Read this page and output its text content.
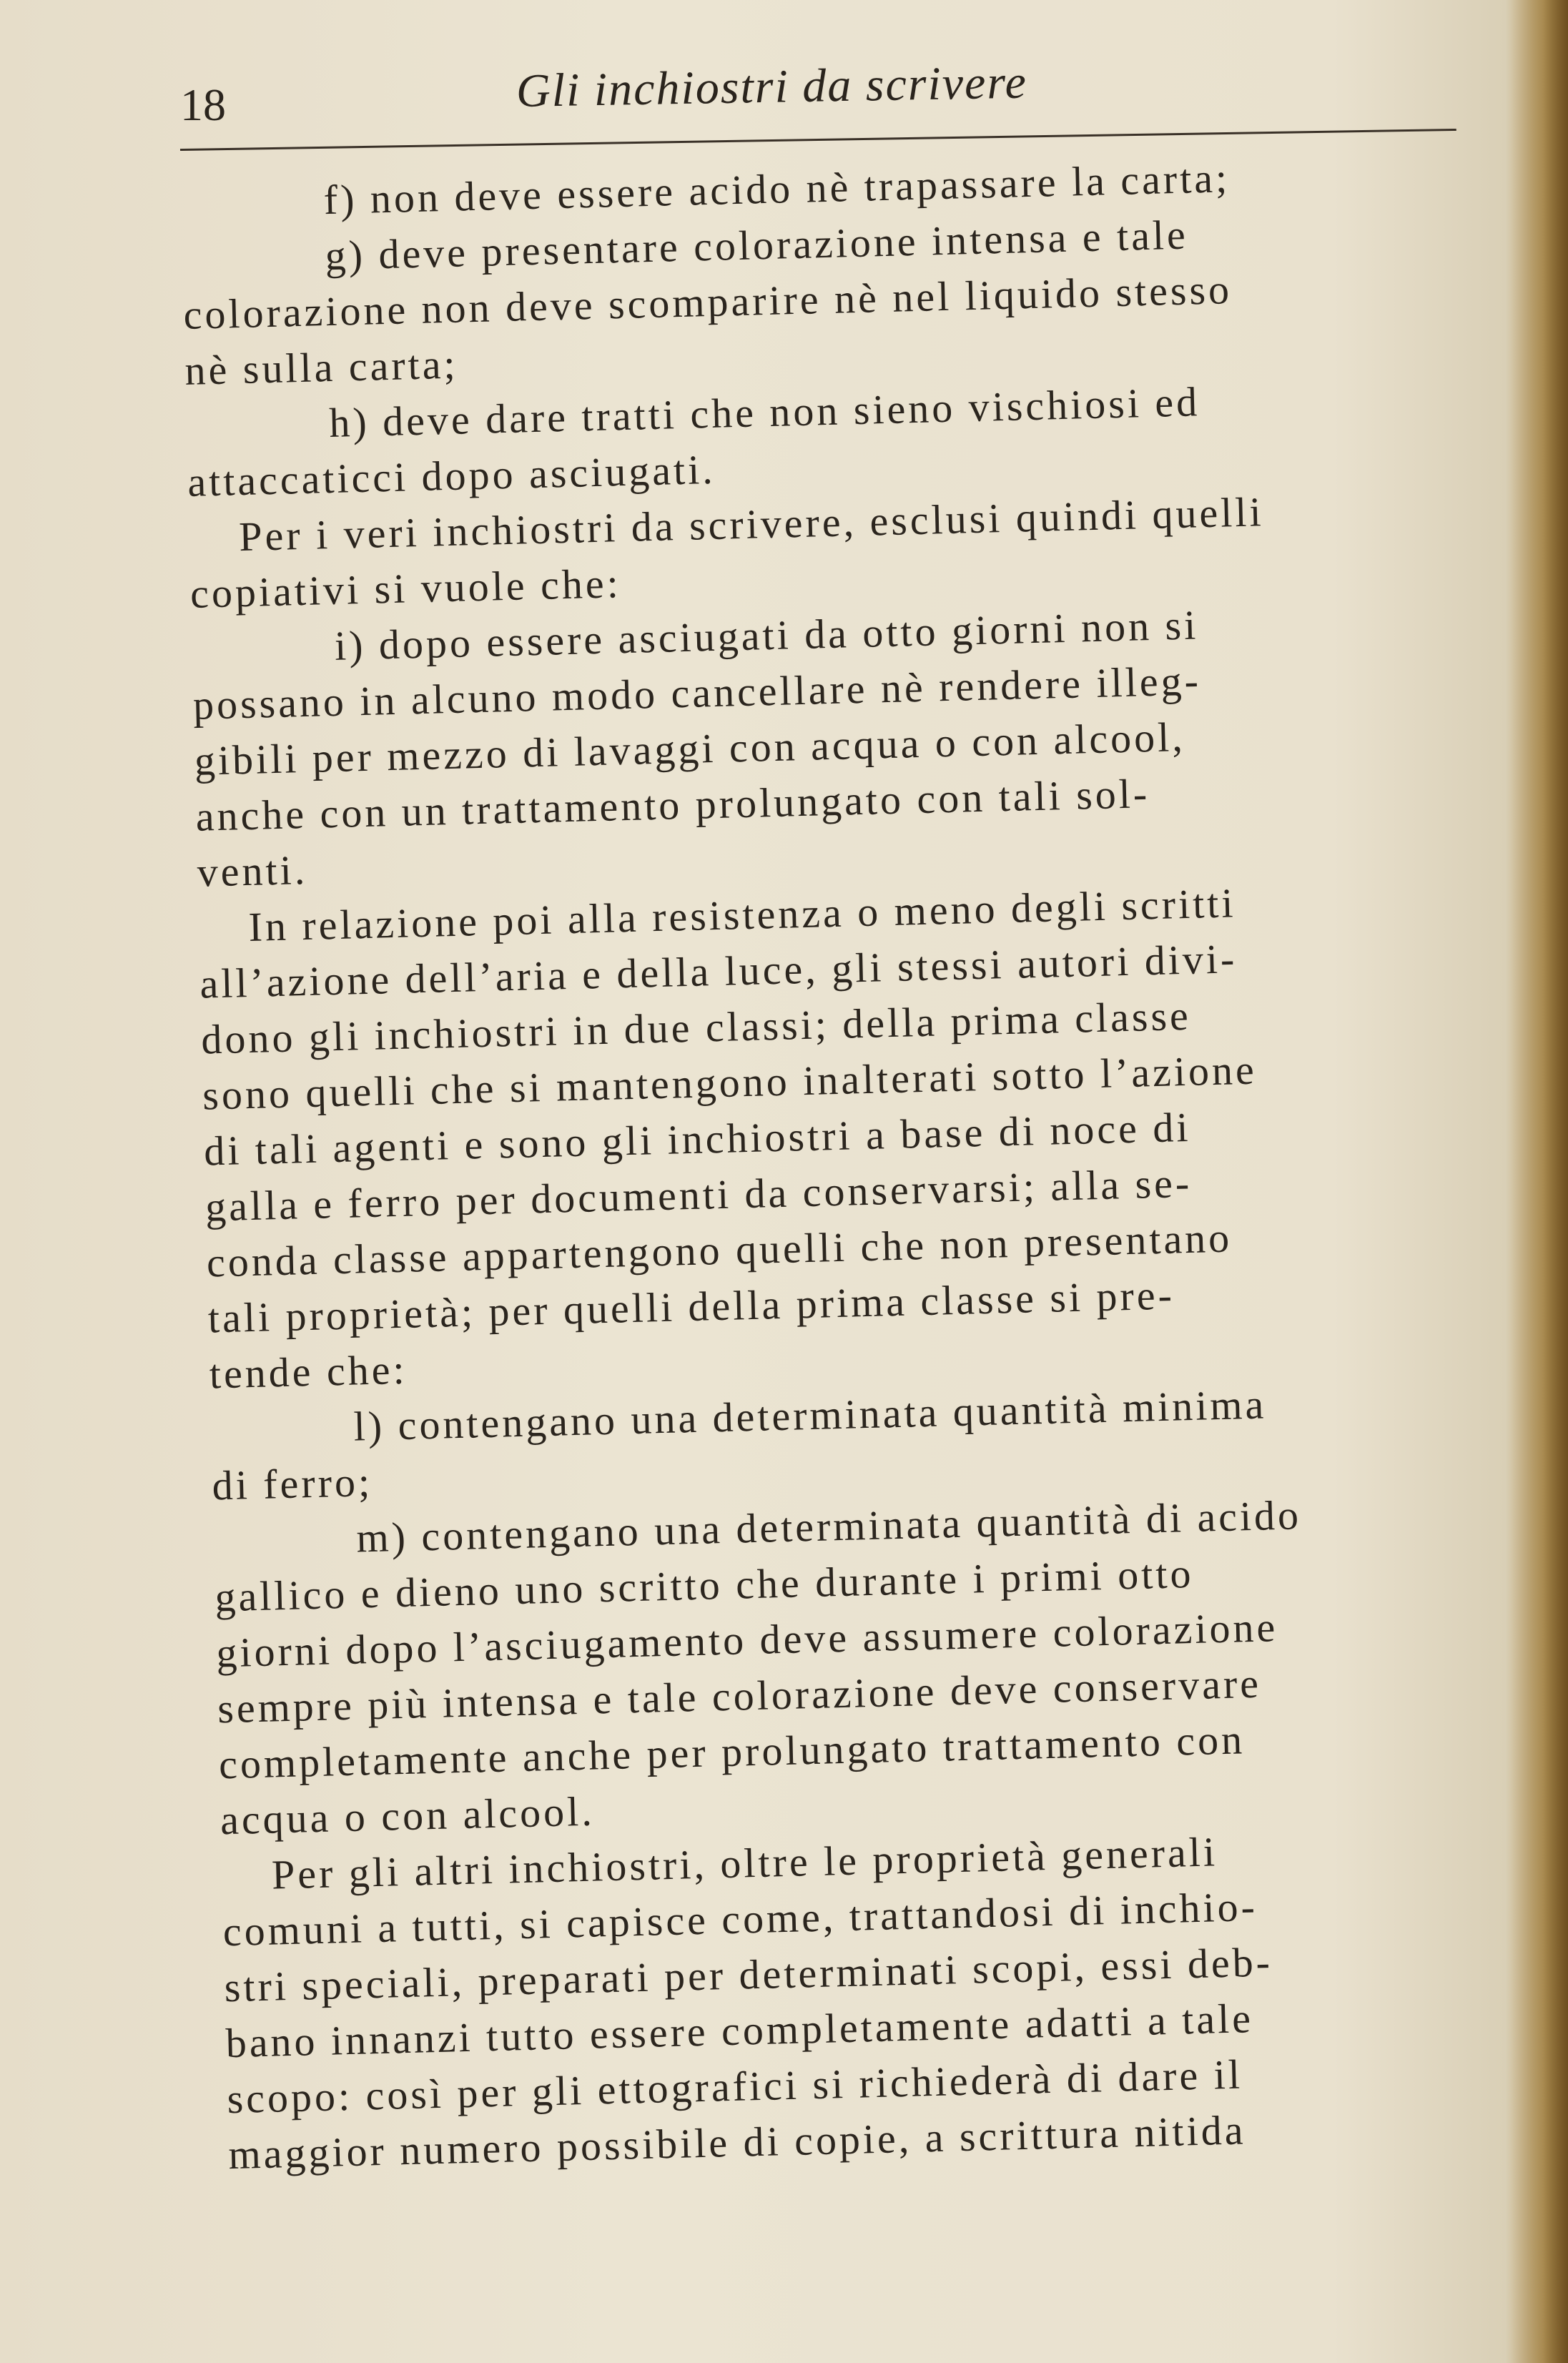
18	Gli inchiostri da scrivere
f) non deve essere acido nè trapassare la carta;
g) deve presentare colorazione intensa e tale
colorazione non deve scomparire nè nel liquido stesso
nè sulla carta;
h) deve dare tratti che non sieno vischiosi ed
attaccaticci dopo asciugati.
Per i veri inchiostri da scrivere, esclusi quindi quelli
copiativi si vuole che:
i) dopo essere asciugati da otto giorni non si
possano in alcuno modo cancellare nè rendere illeg-
gibili per mezzo di lavaggi con acqua o con alcool,
anche con un trattamento prolungato con tali sol-
venti.
In relazione poi alla resistenza o meno degli scritti
all’azione dell’aria e della luce, gli stessi autori divi-
dono gli inchiostri in due classi; della prima classe
sono quelli che si mantengono inalterati sotto l’azione
di tali agenti e sono gli inchiostri a base di noce di
galla e ferro per documenti da conservarsi; alla se-
conda classe appartengono quelli che non presentano
tali proprietà; per quelli della prima classe si pre-
tende che:
l) contengano una determinata quantità minima
di ferro;
m) contengano una determinata quantità di acido
gallico e dieno uno scritto che durante i primi otto
giorni dopo l’asciugamento deve assumere colorazione
sempre più intensa e tale colorazione deve conservare
completamente anche per prolungato trattamento con
acqua o con alcool.
Per gli altri inchiostri, oltre le proprietà generali
comuni a tutti, si capisce come, trattandosi di inchio-
stri speciali, preparati per determinati scopi, essi deb-
bano innanzi tutto essere completamente adatti a tale
scopo: così per gli ettografici si richiederà di dare il
maggior numero possibile di copie, a scrittura nitida
